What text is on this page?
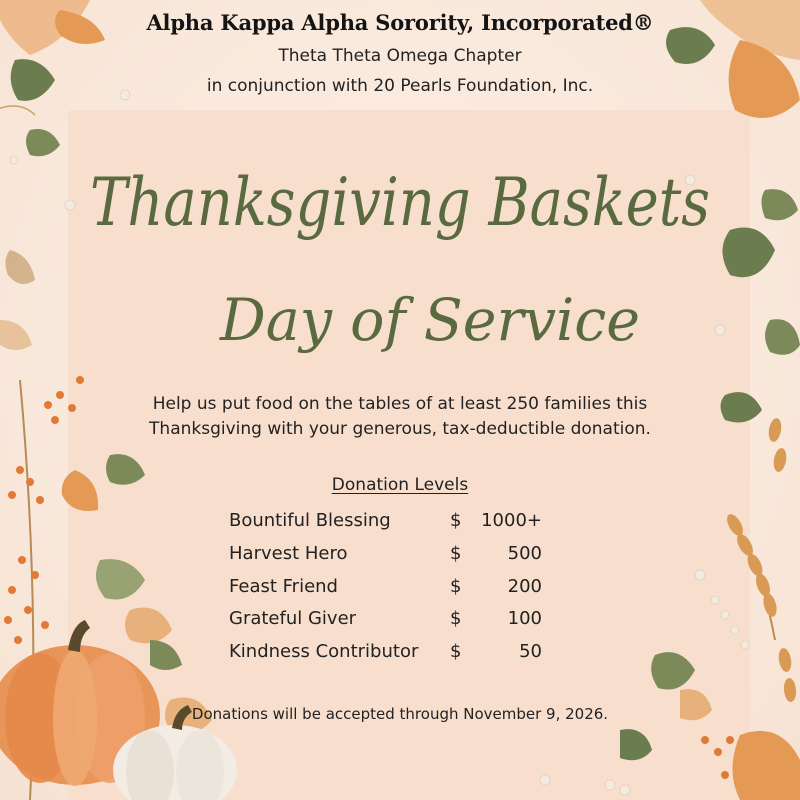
Alpha Kappa Alpha Sorority, Incorporated®
Theta Theta Omega Chapter
in conjunction with 20 Pearls Foundation, Inc.
Thanksgiving Baskets
Day of Service
Help us put food on the tables of at least 250 families this
Thanksgiving with your generous, tax-deductible donation.
Donation Levels
Bountiful Blessing	$	1000+
Harvest Hero	$	500
Feast Friend	$	200
Grateful Giver	$	100
Kindness Contributor $	50
Donations will be accepted through November 9, 2026.
